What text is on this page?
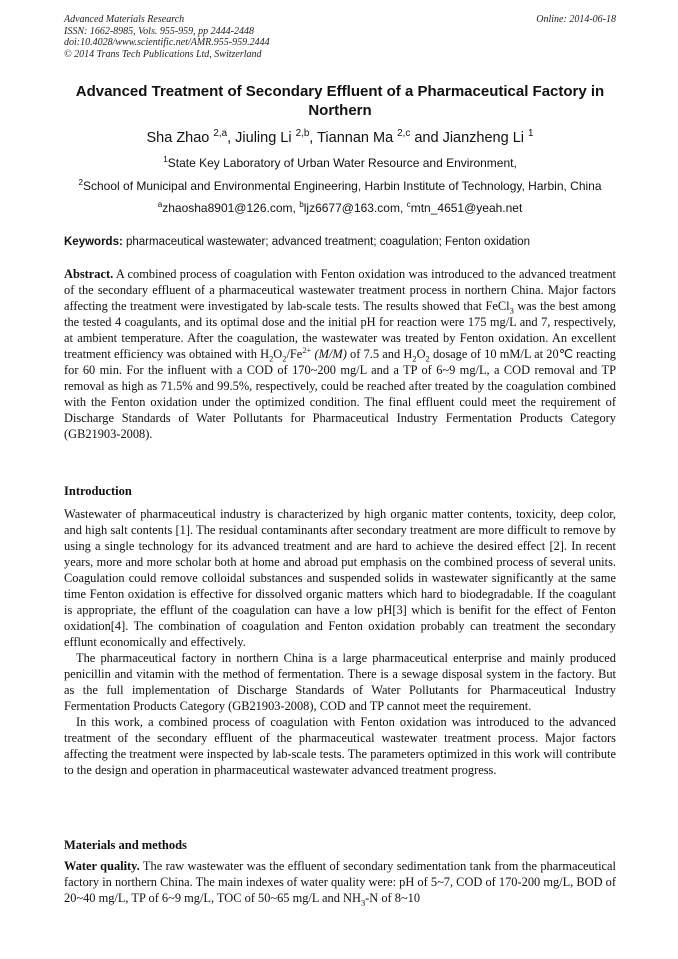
Advanced Materials Research
ISSN: 1662-8985, Vols. 955-959, pp 2444-2448
doi:10.4028/www.scientific.net/AMR.955-959.2444
© 2014 Trans Tech Publications Ltd, Switzerland
Online: 2014-06-18
Advanced Treatment of Secondary Effluent of a Pharmaceutical Factory in Northern
Sha Zhao $^{2,a}$, Jiuling Li $^{2,b}$, Tiannan Ma $^{2,c}$ and Jianzheng Li $^1$
$^1$State Key Laboratory of Urban Water Resource and Environment,
$^2$School of Municipal and Environmental Engineering, Harbin Institute of Technology, Harbin, China
$^a$zhaosha8901@126.com, $^b$ljz6677@163.com, $^c$mtn_4651@yeah.net
Keywords: pharmaceutical wastewater; advanced treatment; coagulation; Fenton oxidation
Abstract. A combined process of coagulation with Fenton oxidation was introduced to the advanced treatment of the secondary effluent of a pharmaceutical wastewater treatment process in northern China. Major factors affecting the treatment were investigated by lab-scale tests. The results showed that FeCl$_3$ was the best among the tested 4 coagulants, and its optimal dose and the initial pH for reaction were 175 mg/L and 7, respectively, at ambient temperature. After the coagulation, the wastewater was treated by Fenton oxidation. An excellent treatment efficiency was obtained with $H_2O_2/Fe^{2+}$ (M/M) of 7.5 and $H_2O_2$ dosage of 10 mM/L at 20℃ reacting for 60 min. For the influent with a COD of 170~200 mg/L and a TP of 6~9 mg/L, a COD removal and TP removal as high as 71.5% and 99.5%, respectively, could be reached after treated by the coagulation combined with the Fenton oxidation under the optimized condition. The final effluent could meet the requirement of Discharge Standards of Water Pollutants for Pharmaceutical Industry Fermentation Products Category (GB21903-2008).
Introduction

Wastewater of pharmaceutical industry is characterized by high organic matter contents, toxicity, deep color, and high salt contents [1]. The residual contaminants after secondary treatment are more difficult to remove by using a single technology for its advanced treatment and are hard to achieve the desired effect [2]. In recent years, more and more scholar both at home and abroad put emphasis on the combined process of several units. Coagulation could remove colloidal substances and suspended solids in wastewater significantly at the same time Fenton oxidation is effective for dissolved organic matters which hard to biodegradable. If the coagulant is appropriate, the efflunt of the coagulation can have a low pH[3] which is benifit for the effect of Fenton oxidation[4]. The combination of coagulation and Fenton oxidation probably can treatment the secondary efflunt economically and effectively.

The pharmaceutical factory in northern China is a large pharmaceutical enterprise and mainly produced penicillin and vitamin with the method of fermentation. There is a sewage disposal system in the factory. But as the full implementation of Discharge Standards of Water Pollutants for Pharmaceutical Industry Fermentation Products Category (GB21903-2008), COD and TP cannot meet the requirement.

In this work, a combined process of coagulation with Fenton oxidation was introduced to the advanced treatment of the secondary effluent of the pharmaceutical wastewater treatment process. Major factors affecting the treatment were inspected by lab-scale tests. The parameters optimized in this work will contribute to the design and operation in pharmaceutical wastewater advanced treatment progress.

Materials and methods
Water quality. The raw wastewater was the effluent of secondary sedimentation tank from the pharmaceutical factory in northern China. The main indexes of water quality were: pH of 5~7, COD of 170-200 mg/L, BOD of 20~40 mg/L, TP of 6~9 mg/L, TOC of 50~65 mg/L and $NH_3-N$ of 8~10
